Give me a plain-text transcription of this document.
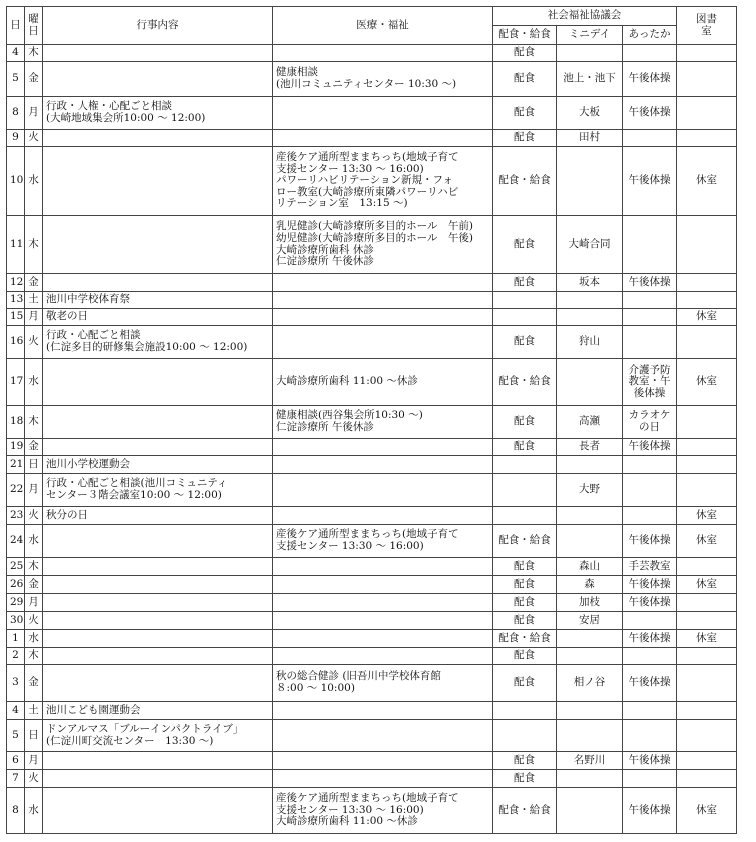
日	曜日	行事内容	医療・福祉	社会福祉協議会			図書室

				配食・給食	ミニデイ	あったか	

4	木			配食			

5	金		健康相談
(池川コミュニティセンター 10:30 ～)	配食	池上・池下	午後体操	

8	月	行政・人権・心配ごと相談
(大崎地域集会所10:00 ～ 12:00)		配食	大板	午後体操	

9	火			配食	田村		

10	水		産後ケア通所型ままちっち(地域子育て
支援センター 13:30 ～ 16:00)
パワーリハビリテーション新規・フォ
ロー教室(大崎診療所東隣パワーリハビ
リテーション室　13:15 ～)	配食・給食		午後体操	休室

11	木		乳児健診(大崎診療所多目的ホール　午前)
幼児健診(大崎診療所多目的ホール　午後)
大崎診療所歯科 休診
仁淀診療所 午後休診	配食	大崎合同		

12	金			配食	坂本	午後体操	

13	土	池川中学校体育祭					

15	月	敬老の日					休室

16	火	行政・心配ごと相談
(仁淀多目的研修集会施設10:00 ～ 12:00)		配食	狩山		

17	水		大崎診療所歯科 11:00 ～休診	配食・給食		介護予防
教室・午
後体操	休室

18	木		健康相談(西谷集会所10:30 ～)
仁淀診療所 午後休診	配食	高瀬	カラオケ
の日	

19	金			配食	長者	午後体操	

21	日	池川小学校運動会					

22	月	行政・心配ごと相談(池川コミュニティ
センター３階会議室10:00 ～ 12:00)			大野		

23	火	秋分の日					休室

24	水		産後ケア通所型ままちっち(地域子育て
支援センター 13:30 ～ 16:00)	配食・給食		午後体操	休室

25	木			配食	森山	手芸教室	

26	金			配食	森	午後体操	休室

29	月			配食	加枝	午後体操	

30	火			配食	安居		

1	水			配食・給食		午後体操	休室

2	木			配食			

3	金		秋の総合健診 (旧吾川中学校体育館
８:00 ～ 10:00)	配食	相ノ谷	午後体操	

4	土	池川こども園運動会					

5	日	ドンアルマス「ブルーインパクトライブ」
(仁淀川町交流センター　13:30 ～)					

6	月			配食	名野川	午後体操	

7	火			配食			

8	水		産後ケア通所型ままちっち(地域子育て
支援センター 13:30 ～ 16:00)
大崎診療所歯科 11:00 ～休診	配食・給食		午後体操	休室
